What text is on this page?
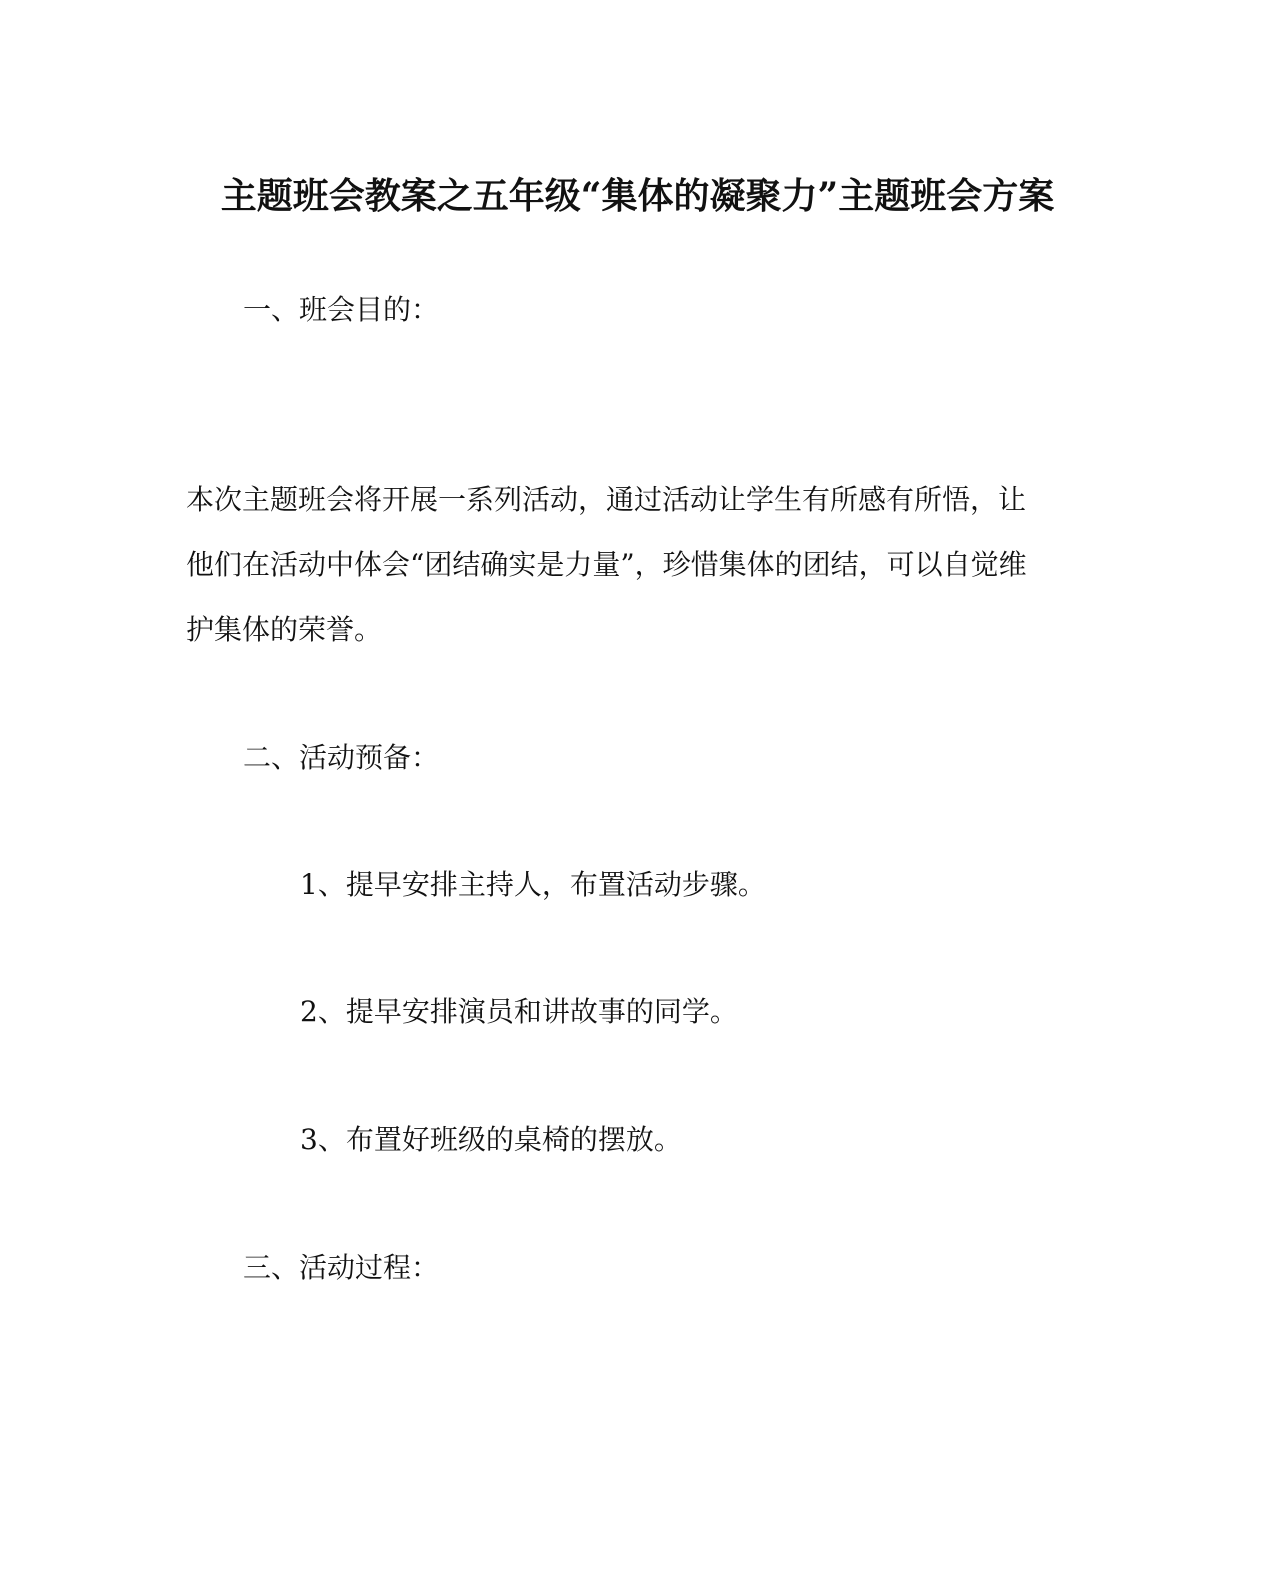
主题班会教案之五年级“集体的凝聚力”主题班会方案
一、班会目的：
本次主题班会将开展一系列活动，通过活动让学生有所感有所悟，让
他们在活动中体会“团结确实是力量”，珍惜集体的团结，可以自觉维
护集体的荣誉。
二、活动预备：
1、提早安排主持人，布置活动步骤。
2、提早安排演员和讲故事的同学。
3、布置好班级的桌椅的摆放。
三、活动过程：
